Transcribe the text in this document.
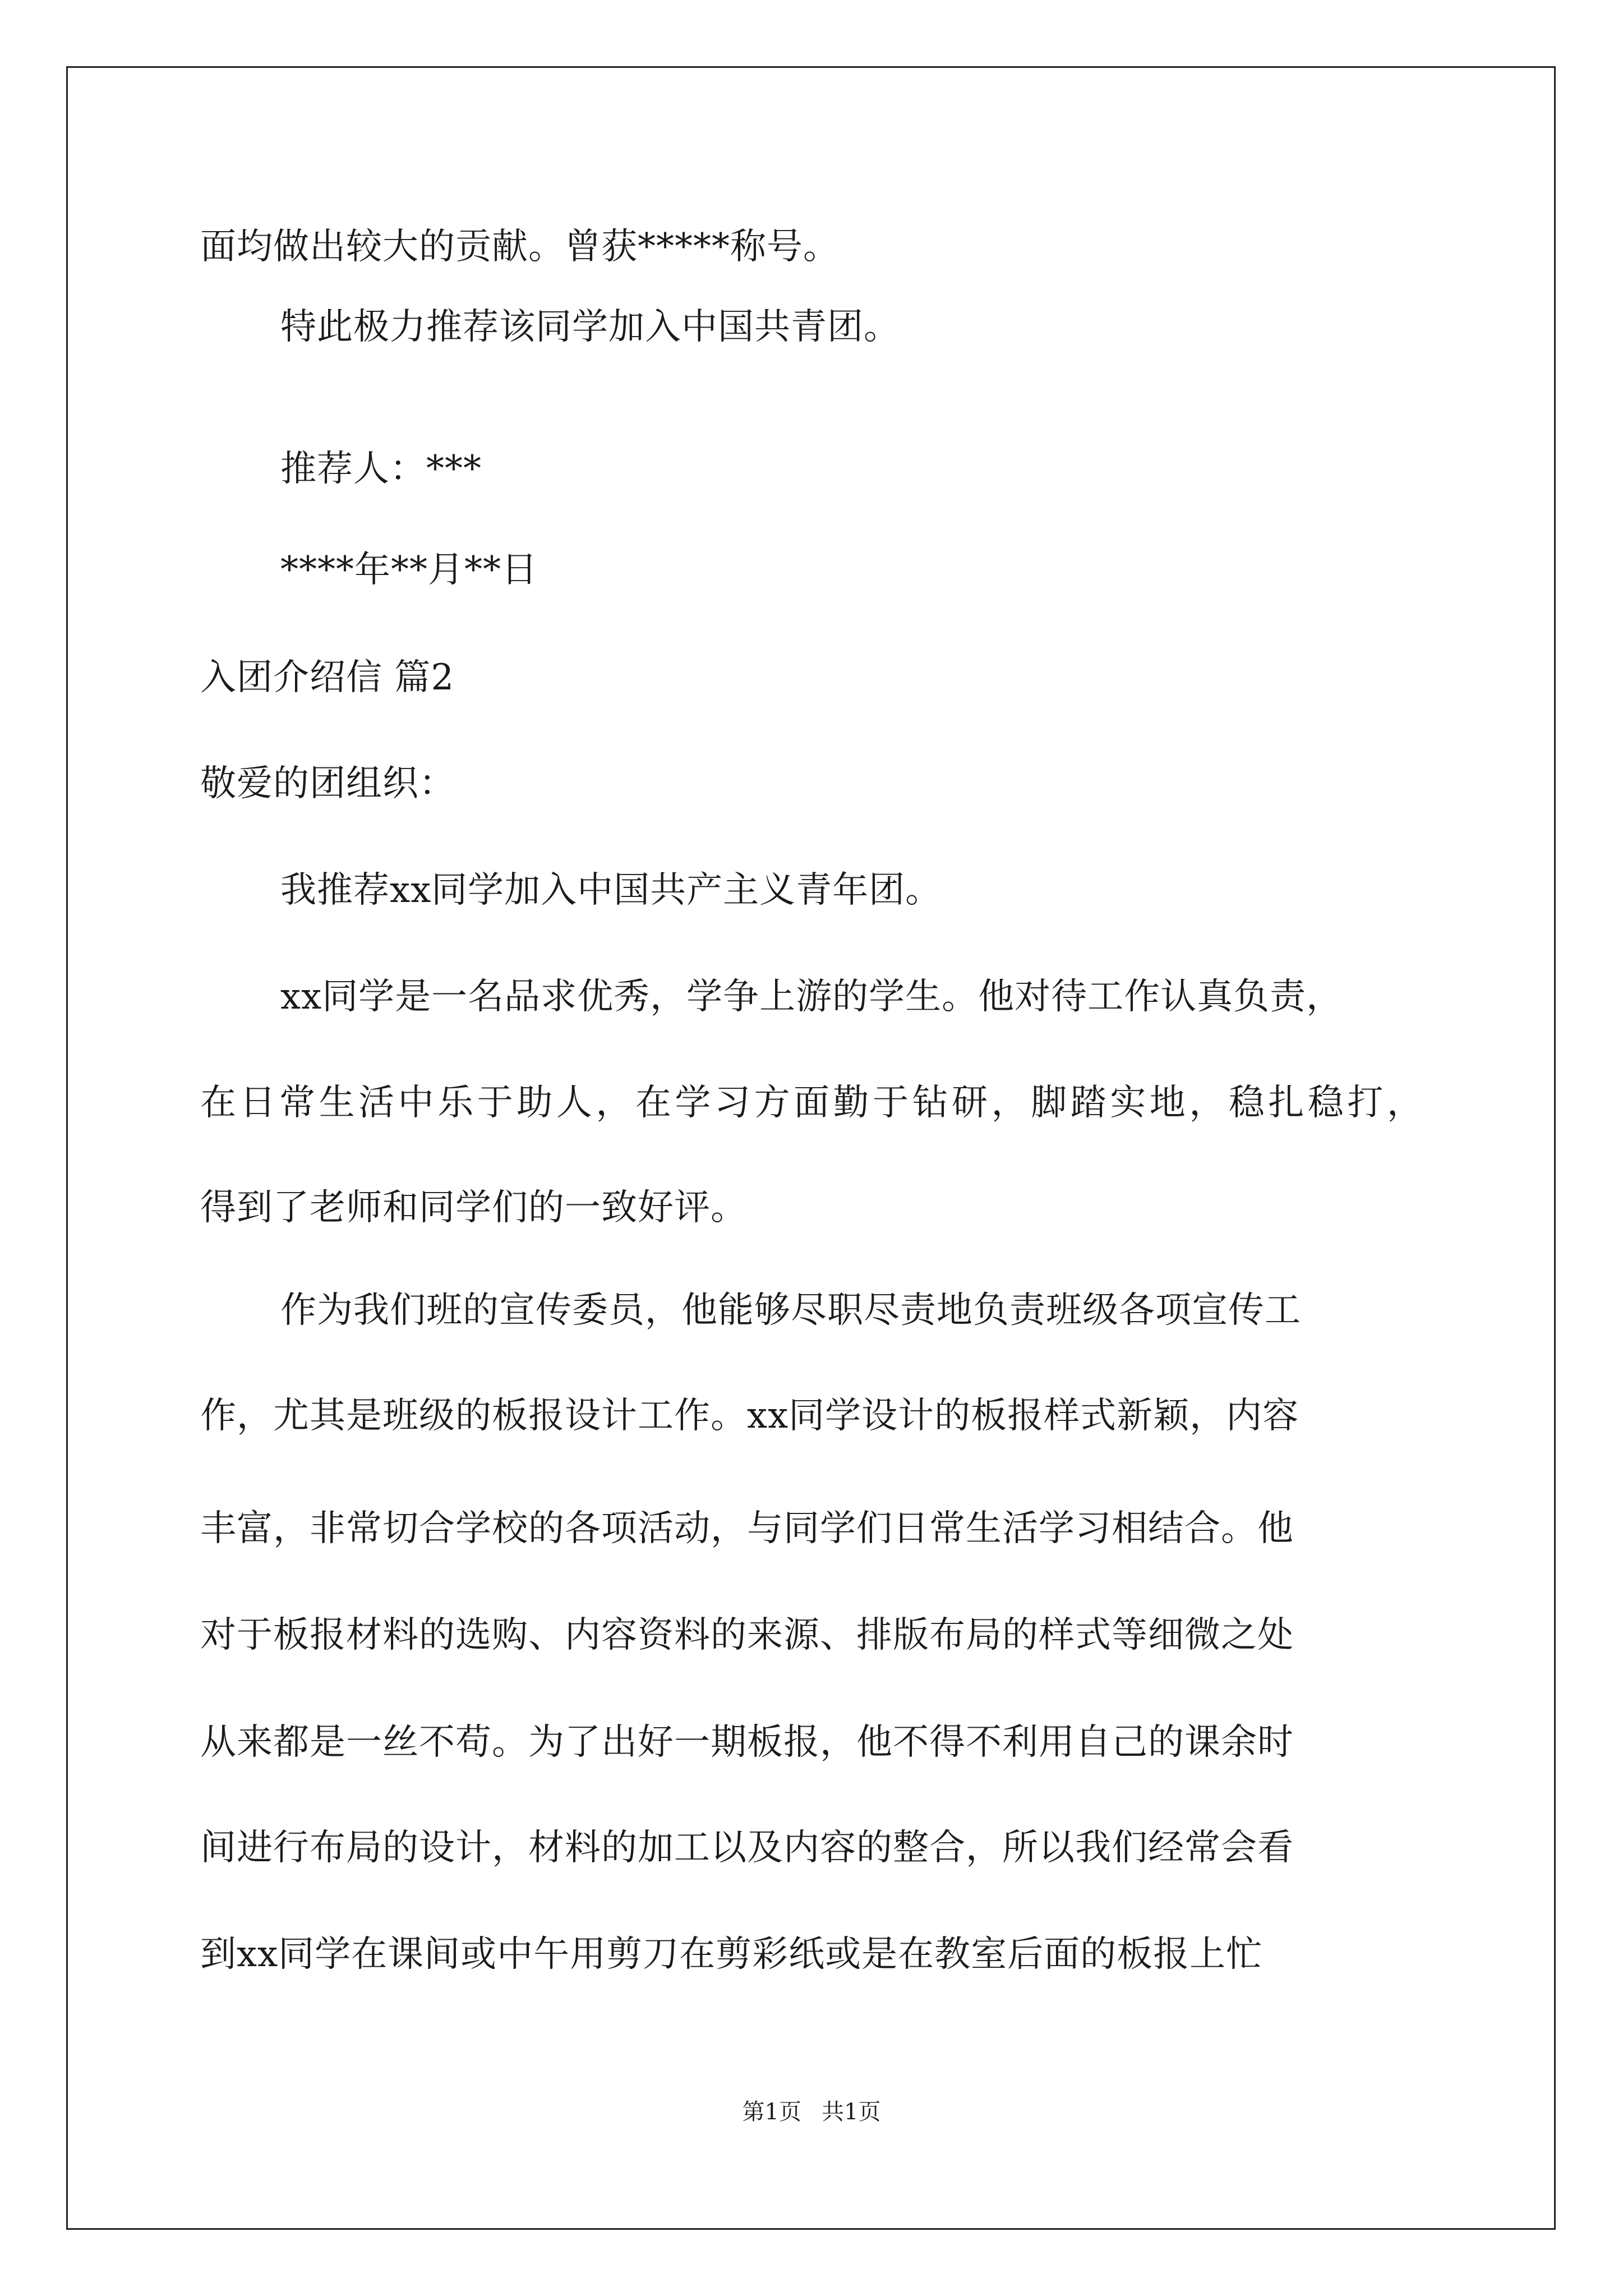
面均做出较大的贡献。曾获*****称号。
特此极力推荐该同学加入中国共青团。
推荐人：***
****年**月**日
入团介绍信 篇2
敬爱的团组织：
我推荐xx同学加入中国共产主义青年团。
xx同学是一名品求优秀，学争上游的学生。他对待工作认真负责，
在日常生活中乐于助人，在学习方面勤于钻研，脚踏实地，稳扎稳打，
得到了老师和同学们的一致好评。
作为我们班的宣传委员，他能够尽职尽责地负责班级各项宣传工
作，尤其是班级的板报设计工作。xx同学设计的板报样式新颖，内容
丰富，非常切合学校的各项活动，与同学们日常生活学习相结合。他
对于板报材料的选购、内容资料的来源、排版布局的样式等细微之处
从来都是一丝不苟。为了出好一期板报，他不得不利用自己的课余时
间进行布局的设计，材料的加工以及内容的整合，所以我们经常会看
到xx同学在课间或中午用剪刀在剪彩纸或是在教室后面的板报上忙
第1页 共1页
